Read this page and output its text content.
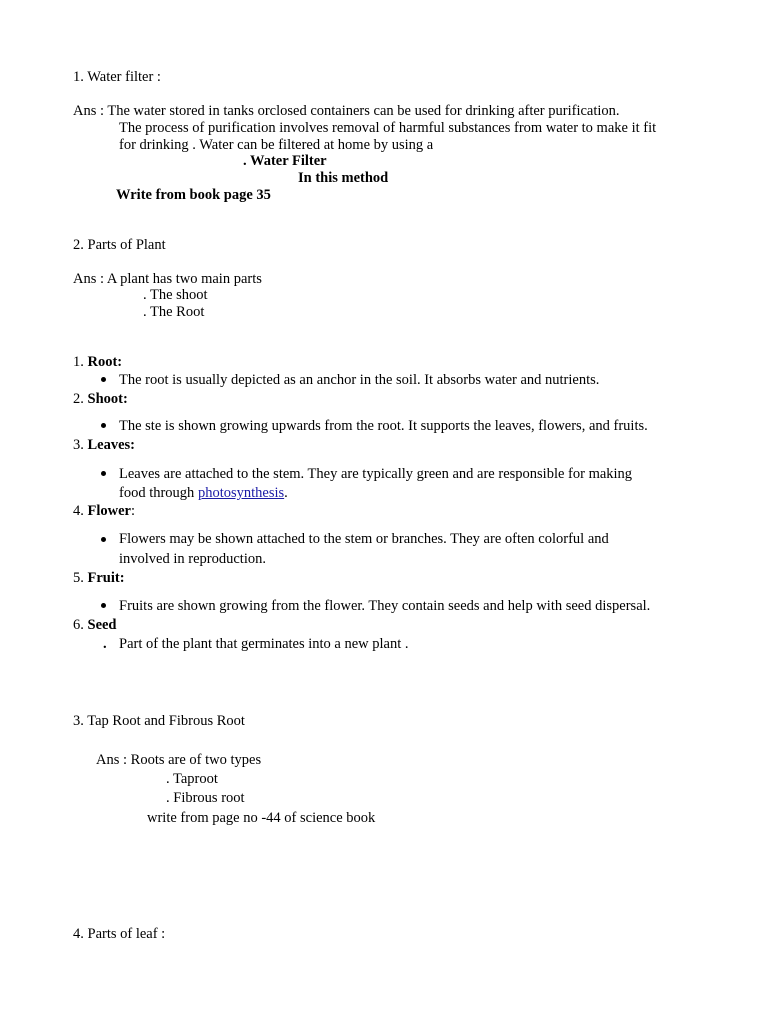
1. Water filter :
Ans : The water stored in tanks orclosed containers can be used for drinking after purification.
The process of purification involves removal of harmful substances from water to make it fit
for drinking . Water can be filtered at home by using a
. Water Filter
In this method
Write from book page 35
2. Parts of Plant
Ans : A plant has two main parts
. The shoot
. The Root
1. Root:
The root is usually depicted as an anchor in the soil. It absorbs water and nutrients.
2. Shoot:
The ste is shown growing upwards from the root. It supports the leaves, flowers, and fruits.
3. Leaves:
Leaves are attached to the stem. They are typically green and are responsible for making
food through photosynthesis.
4. Flower:
Flowers may be shown attached to the stem or branches. They are often colorful and
involved in reproduction.
5. Fruit:
Fruits are shown growing from the flower. They contain seeds and help with seed dispersal.
6. Seed
. Part of the plant that germinates into a new plant .
3. Tap Root and Fibrous Root
Ans : Roots are of two types
. Taproot
. Fibrous root
write from page no -44 of science book
4. Parts of leaf :
